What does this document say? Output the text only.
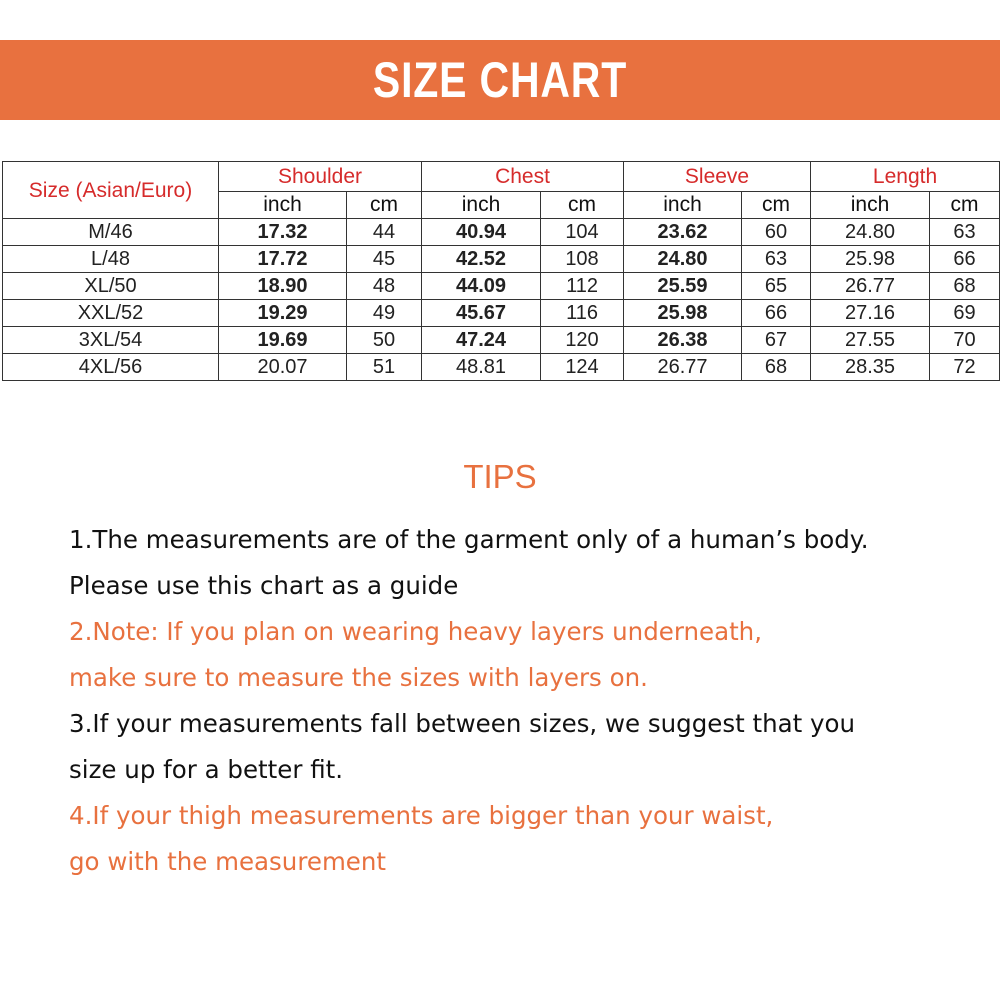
SIZE CHART
Size (Asian/Euro)	Shoulder		Chest		Sleeve		Length	
	inch	cm	inch	cm	inch	cm	inch	cm
M/46	17.32	44	40.94	104	23.62	60	24.80	63
L/48	17.72	45	42.52	108	24.80	63	25.98	66
XL/50	18.90	48	44.09	112	25.59	65	26.77	68
XXL/52	19.29	49	45.67	116	25.98	66	27.16	69
3XL/54	19.69	50	47.24	120	26.38	67	27.55	70
4XL/56	20.07	51	48.81	124	26.77	68	28.35	72
TIPS
1.The measurements are of the garment only of a human’s body.
Please use this chart as a guide
2.Note: If you plan on wearing heavy layers underneath,
make sure to measure the sizes with layers on.
3.If your measurements fall between sizes, we suggest that you
size up for a better fit.
4.If your thigh measurements are bigger than your waist,
go with the measurement
